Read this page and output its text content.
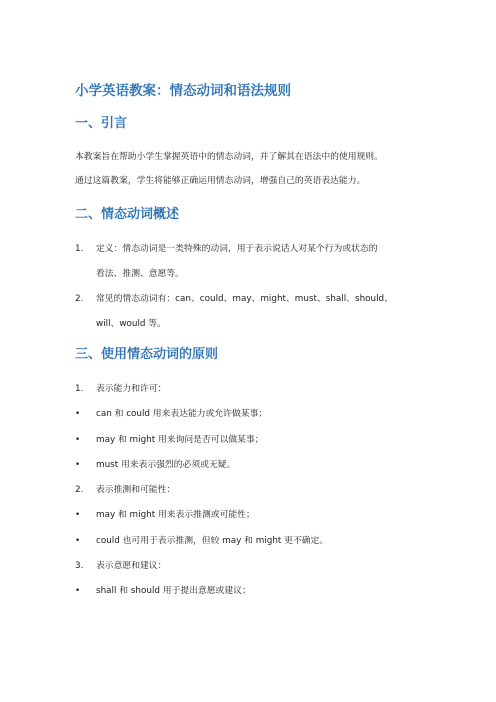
小学英语教案：情态动词和语法规则
一、引言

本教案旨在帮助小学生掌握英语中的情态动词，并了解其在语法中的使用规则。
通过这篇教案，学生将能够正确运用情态动词，增强自己的英语表达能力。

二、情态动词概述
1. 定义：情态动词是一类特殊的动词，用于表示说话人对某个行为或状态的
看法、推测、意愿等。
2. 常见的情态动词有：can、could、may、might、must、shall、should、
will、would 等。
三、使用情态动词的原则
1. 表示能力和许可：
• can 和 could 用来表达能力或允许做某事；
• may 和 might 用来询问是否可以做某事；
• must 用来表示强烈的必须或无疑。
2. 表示推测和可能性：
• may 和 might 用来表示推测或可能性；
• could 也可用于表示推测，但较 may 和 might 更不确定。
3. 表示意愿和建议：
• shall 和 should 用于提出意愿或建议；
